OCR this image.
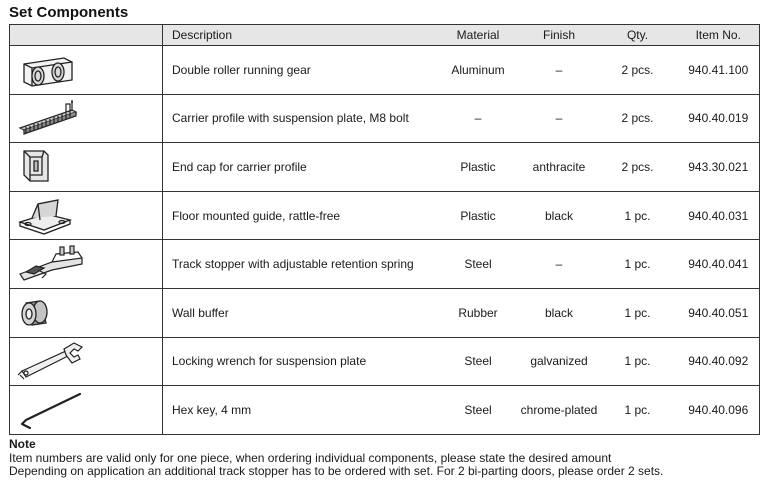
Set Components
	Description	Material	Finish	Qty.	Item No.

	Double roller running gear	Aluminum	–	2 pcs.	940.41.100

	Carrier profile with suspension plate, M8 bolt	–	–	2 pcs.	940.40.019

	End cap for carrier profile	Plastic	anthracite	2 pcs.	943.30.021

	Floor mounted guide, rattle-free	Plastic	black	1 pc.	940.40.031

	Track stopper with adjustable retention spring	Steel	–	1 pc.	940.40.041

	Wall buffer	Rubber	black	1 pc.	940.40.051

	Locking wrench for suspension plate	Steel	galvanized	1 pc.	940.40.092

	Hex key, 4 mm	Steel	chrome-plated	1 pc.	940.40.096
Note
Item numbers are valid only for one piece, when ordering individual components, please state the desired amount
Depending on application an additional track stopper has to be ordered with set. For 2 bi-parting doors, please order 2 sets.
